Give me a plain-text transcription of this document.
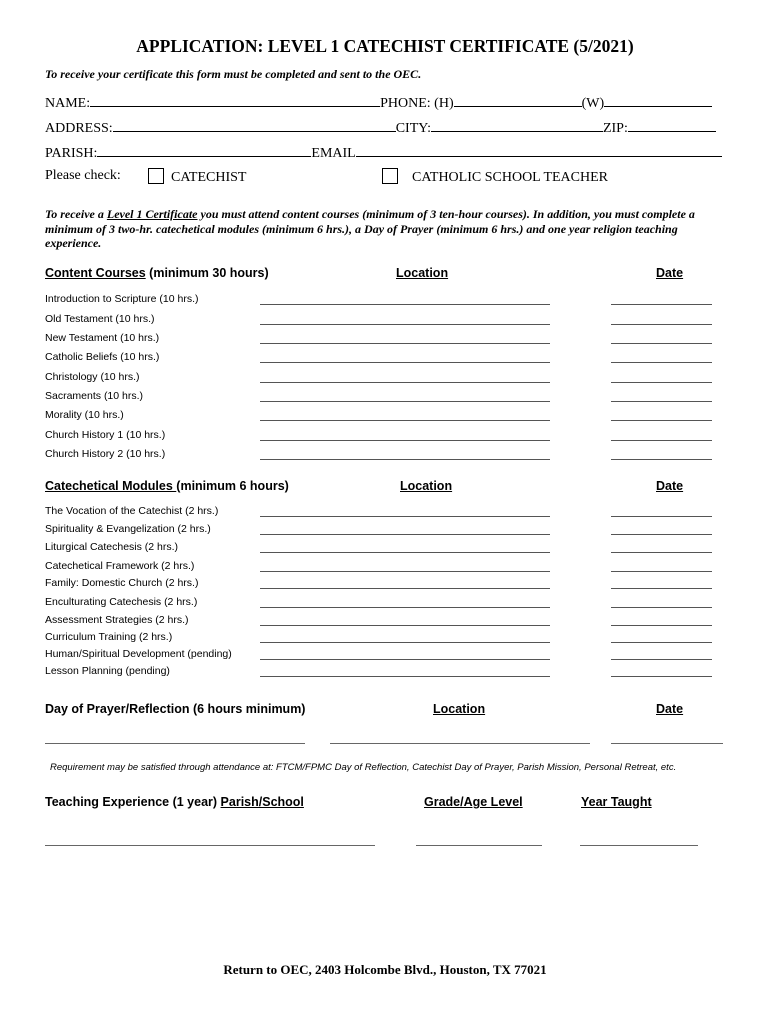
APPLICATION: LEVEL 1 CATECHIST CERTIFICATE (5/2021)
To receive your certificate this form must be completed and sent to the OEC.
NAME:	PHONE: (H)	(W)
ADDRESS:	CITY:	ZIP:
PARISH:	EMAIL
Please check:	CATECHIST	CATHOLIC SCHOOL TEACHER
To receive a Level 1 Certificate you must attend content courses (minimum of 3 ten-hour courses). In addition, you must complete a minimum of 3 two-hr. catechetical modules (minimum 6 hrs.), a Day of Prayer (minimum 6 hrs.) and one year religion teaching experience.
Content Courses (minimum 30 hours)	Location	Date
Introduction to Scripture (10 hrs.)
Old Testament (10 hrs.)
New Testament (10 hrs.)
Catholic Beliefs (10 hrs.)
Christology (10 hrs.)
Sacraments (10 hrs.)
Morality (10 hrs.)
Church History 1 (10 hrs.)
Church History 2 (10 hrs.)
Catechetical Modules (minimum 6 hours)	Location	Date
The Vocation of the Catechist (2 hrs.)
Spirituality & Evangelization (2 hrs.)
Liturgical Catechesis (2 hrs.)
Catechetical Framework (2 hrs.)
Family: Domestic Church (2 hrs.)
Enculturating Catechesis (2 hrs.)
Assessment Strategies (2 hrs.)
Curriculum Training (2 hrs.)
Human/Spiritual Development (pending)
Lesson Planning (pending)
Day of Prayer/Reflection (6 hours minimum)	Location	Date
Requirement may be satisfied through attendance at: FTCM/FPMC Day of Reflection, Catechist Day of Prayer, Parish Mission, Personal Retreat, etc.
Teaching Experience (1 year) Parish/School	Grade/Age Level	Year Taught
Return to OEC, 2403 Holcombe Blvd., Houston, TX 77021
